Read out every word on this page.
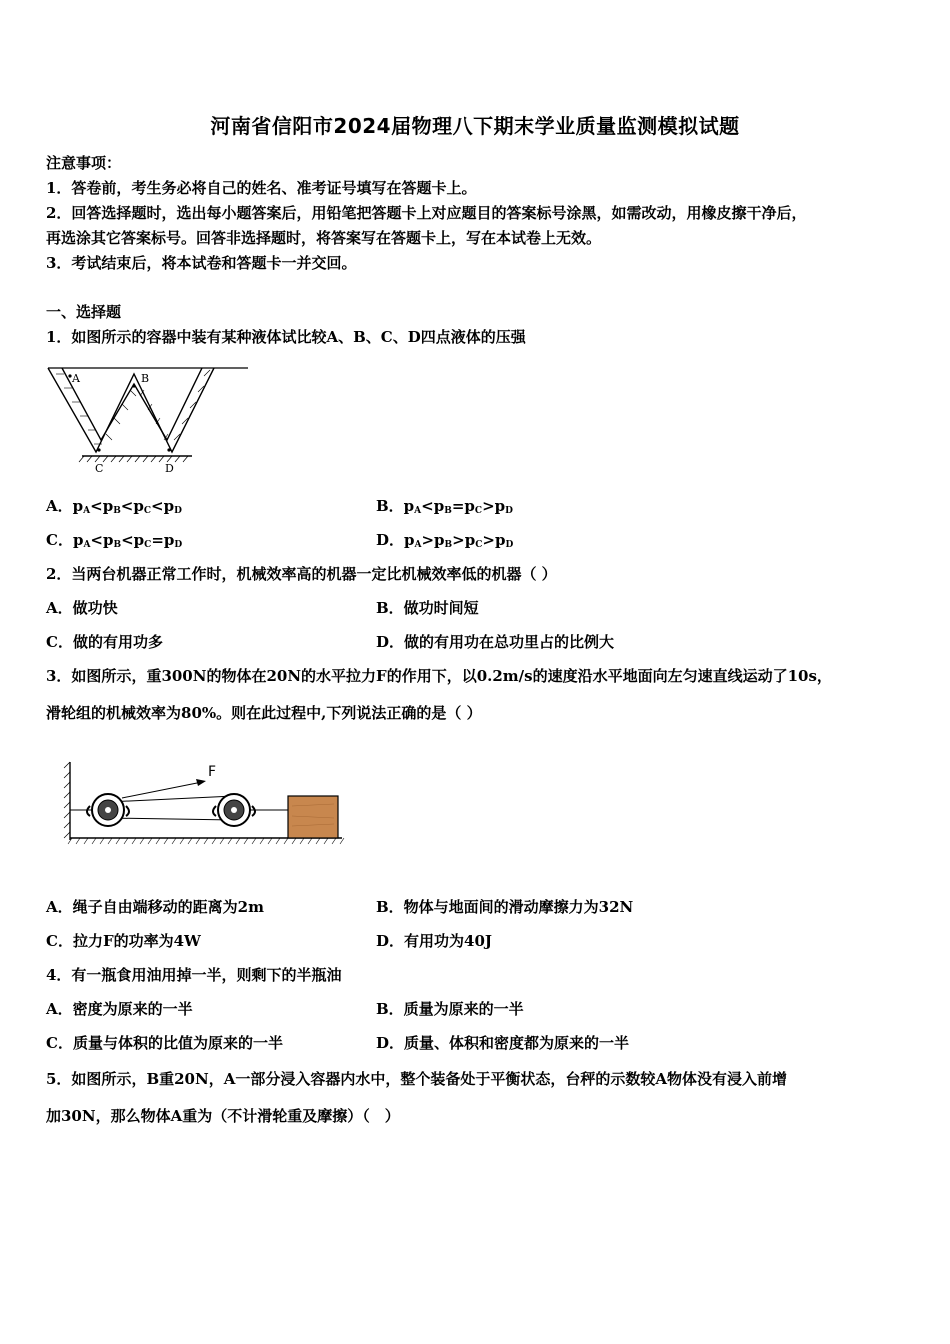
河南省信阳市2024届物理八下期末学业质量监测模拟试题
注意事项：
1．答卷前，考生务必将自己的姓名、准考证号填写在答题卡上。
2．回答选择题时，选出每小题答案后，用铅笔把答题卡上对应题目的答案标号涂黑，如需改动，用橡皮擦干净后，
再选涂其它答案标号。回答非选择题时，将答案写在答题卡上，写在本试卷上无效。
3．考试结束后，将本试卷和答题卡一并交回。
一、选择题
1．如图所示的容器中装有某种液体试比较A、B、C、D四点液体的压强
A	B
C	D
A．$p_A<p_B<p_C<p_D$	B．$p_A<p_B=p_C>p_D$
C．$p_A<p_B<p_C=p_D$	D．$p_A>p_B>p_C>p_D$
2．当两台机器正常工作时，机械效率高的机器一定比机械效率低的机器（ ）
A．做功快	B．做功时间短
C．做的有用功多	D．做的有用功在总功里占的比例大
3．如图所示，重300N的物体在20N的水平拉力F的作用下，以0.2m/s的速度沿水平地面向左匀速直线运动了10s，
滑轮组的机械效率为80%。则在此过程中,下列说法正确的是（ ）
F
A．绳子自由端移动的距离为2m	B．物体与地面间的滑动摩擦力为32N
C．拉力F的功率为4W	D．有用功为40J
4．有一瓶食用油用掉一半，则剩下的半瓶油
A．密度为原来的一半	B．质量为原来的一半
C．质量与体积的比值为原来的一半	D．质量、体积和密度都为原来的一半
5．如图所示，B重20N，A一部分浸入容器内水中，整个装备处于平衡状态，台秤的示数较A物体没有浸入前增
加30N，那么物体A重为（不计滑轮重及摩擦）（　）
